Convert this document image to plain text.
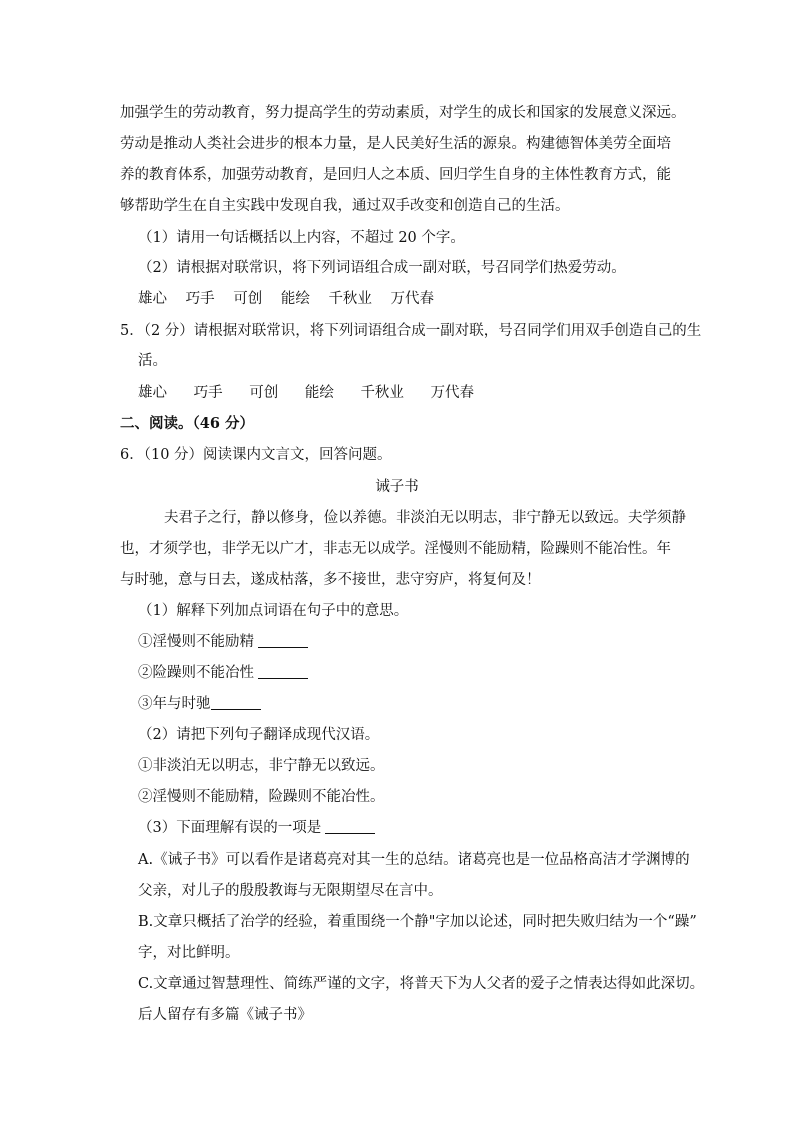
加强学生的劳动教育，努力提高学生的劳动素质，对学生的成长和国家的发展意义深远。
劳动是推动人类社会进步的根本力量，是人民美好生活的源泉。构建德智体美劳全面培
养的教育体系，加强劳动教育，是回归人之本质、回归学生自身的主体性教育方式，能
够帮助学生在自主实践中发现自我，通过双手改变和创造自己的生活。
（1）请用一句话概括以上内容，不超过 20 个字。
（2）请根据对联常识，将下列词语组合成一副对联，号召同学们热爱劳动。
雄心 巧手 可创 能绘 千秋业 万代春
5．（2 分）请根据对联常识，将下列词语组合成一副对联，号召同学们用双手创造自己的生
活。
雄心 巧手 可创 能绘 千秋业 万代春
二、阅读。（46 分）
6．（10 分）阅读课内文言文，回答问题。
诫子书
夫君子之行，静以修身，俭以养德。非淡泊无以明志，非宁静无以致远。夫学须静
也，才须学也，非学无以广才，非志无以成学。淫慢则不能励精，险躁则不能冶性。年
与时驰，意与日去，遂成枯落，多不接世，悲守穷庐，将复何及！
（1）解释下列加点词语在句子中的意思。
①淫慢则不能励精
②险躁则不能冶性
③年与时驰
（2）请把下列句子翻译成现代汉语。
①非淡泊无以明志，非宁静无以致远。
②淫慢则不能励精，险躁则不能冶性。
（3）下面理解有误的一项是
A.《诫子书》可以看作是诸葛亮对其一生的总结。诸葛亮也是一位品格高洁才学渊博的
父亲，对儿子的殷殷教诲与无限期望尽在言中。
B.文章只概括了治学的经验，着重围绕一个静"字加以论述，同时把失败归结为一个“躁”
字，对比鲜明。
C.文章通过智慧理性、简练严谨的文字，将普天下为人父者的爱子之情表达得如此深切。
后人留存有多篇《诫子书》
